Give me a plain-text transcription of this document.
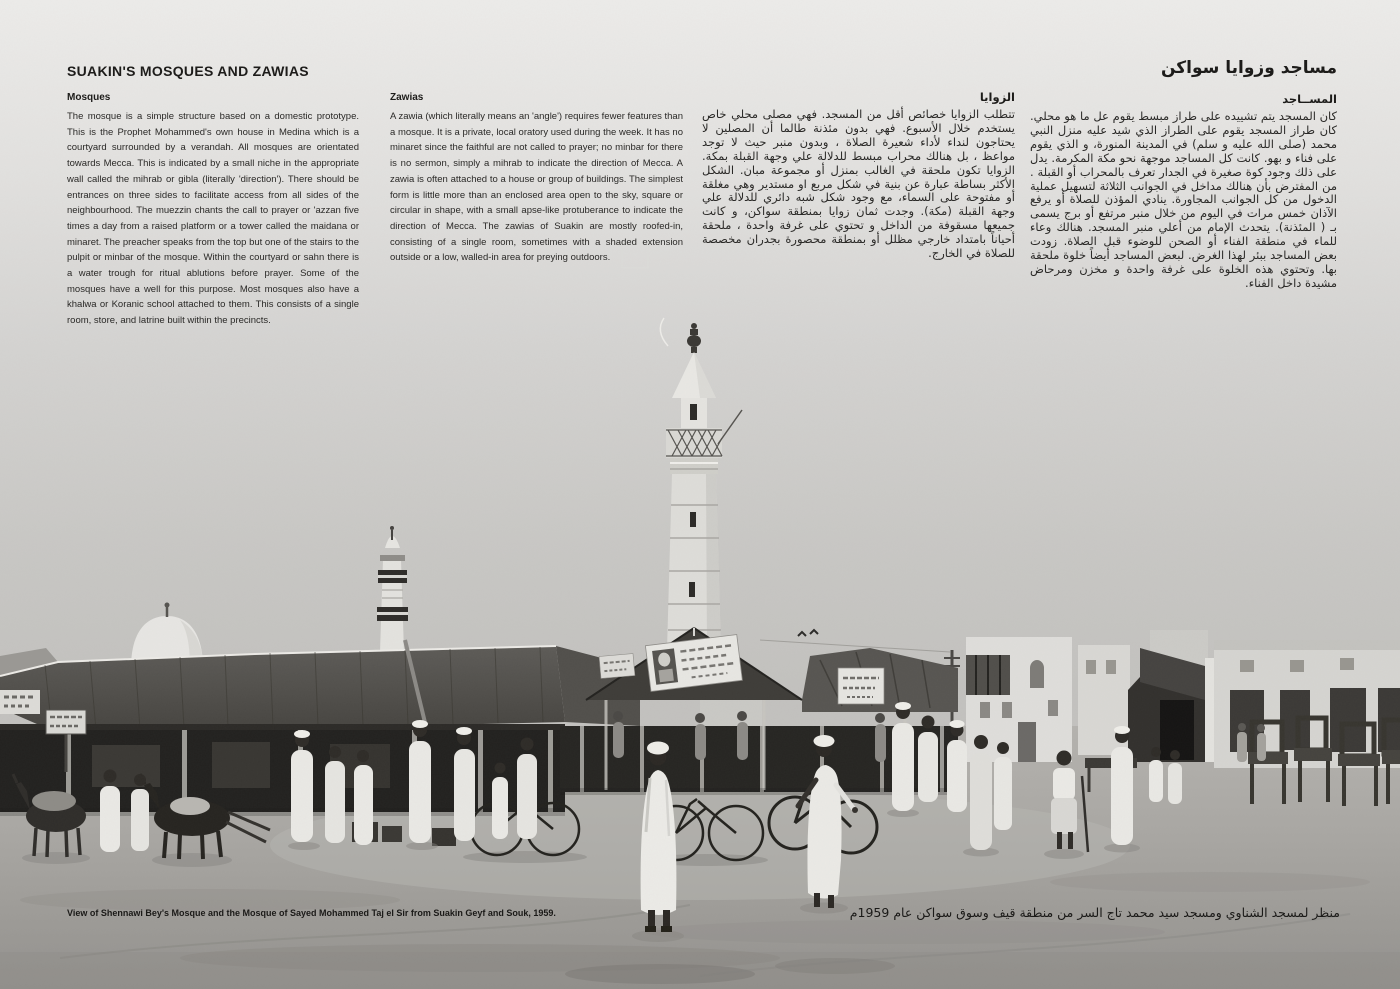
SUAKIN'S MOSQUES AND ZAWIAS	مساجد وزوايا سواكن
Mosques

The mosque is a simple structure based on a domestic prototype. This is the Prophet Mohammed's own house in Medina which is a courtyard surrounded by a verandah. All mosques are orientated towards Mecca. This is indicated by a small niche in the appropriate wall called the mihrab or gibla (literally 'direction'). There should be entrances on three sides to facilitate access from all sides of the neighbourhood. The muezzin chants the call to prayer or 'azzan five times a day from a raised platform or a tower called the maidana or minaret. The preacher speaks from the top but one of the stairs to the pulpit or minbar of the mosque. Within the courtyard or sahn there is a water trough for ritual ablutions before prayer. Some of the mosques have a well for this purpose. Most mosques also have a khalwa or Koranic school attached to them. This consists of a single room, store, and latrine built within the precincts.

Zawias

A zawia (which literally means an 'angle') requires fewer features than a mosque. It is a private, local oratory used during the week. It has no minaret since the faithful are not called to prayer; no minbar for there is no sermon, simply a mihrab to indicate the direction of Mecca. A zawia is often attached to a house or group of buildings. The simplest form is little more than an enclosed area open to the sky, square or circular in shape, with a small apse-like protuberance to indicate the direction of Mecca. The zawias of Suakin are mostly roofed-in, consisting of a single room, sometimes with a shaded extension outside or a low, walled-in area for preying outdoors.

الزوايا

تتطلب الزوايا خصائص أقل من المسجد. فهي مصلى محلي خاص يستخدم خلال الأسبوع. فهي بدون مئذنة طالما أن المصلين لا يحتاجون لنداء لأداء شعيرة الصلاة ، وبدون منبر حيث لا توجد مواعظ ، بل هنالك محراب مبسط للدلالة علي وجهة القبلة بمكة. الزوايا تكون ملحقة في الغالب بمنزل أو مجموعة مبان. الشكل الأكثر بساطة عبارة عن بنية في شكل مربع او مستدير وهي مغلقة أو مفتوحة على السماء، مع وجود شكل شبه دائري للدلالة علي وجهة القبلة (مكة). وجدت ثمان زوايا بمنطقة سواكن، و كانت جميعها مسقوفة من الداخل و تحتوي على غرفة واحدة ، ملحقة أحياناً بامتداد خارجي مظلل أو بمنطقة محصورة بجدران مخصصة للصلاة في الخارج.

المســاجد

كان المسجد يتم تشييده على طراز مبسط يقوم عل ما هو محلي. كان طراز المسجد يقوم على الطراز الذي شيد عليه منزل النبي محمد (صلى الله عليه و سلم) في المدينة المنورة، و الذي يقوم على فناء و بهو. كانت كل المساجد موجهة نحو مكة المكرمة. يدل على ذلك وجود كوة صغيرة في الجدار تعرف بالمحراب أو القبلة . من المفترض بأن هنالك مداخل في الجوانب الثلاثة لتسهيل عملية الدخول من كل الجوانب المجاورة. ينادي المؤذن للصلاة أو يرفع الآذان خمس مرات في اليوم من خلال منبر مرتفع أو برج يسمى بـ ( المئذنة). يتحدث الإمام من أعلي منبر المسجد. هنالك وعاء للماء في منطقة الفناء أو الصحن للوضوء قبل الصلاة. زودت بعض المساجد ببئر لهذا الغرض. لبعض المساجد أيضاً خلوة ملحقة بها. وتحتوي هذه الخلوة على غرفة واحدة و مخزن ومرحاض مشيدة داخل الفناء.

View of Shennawi Bey's Mosque and the Mosque of Sayed Mohammed Taj el Sir from Suakin Geyf and Souk, 1959.	منظر لمسجد الشناوي ومسجد سيد محمد تاج السر من منطقة قيف وسوق سواكن عام 1959م
